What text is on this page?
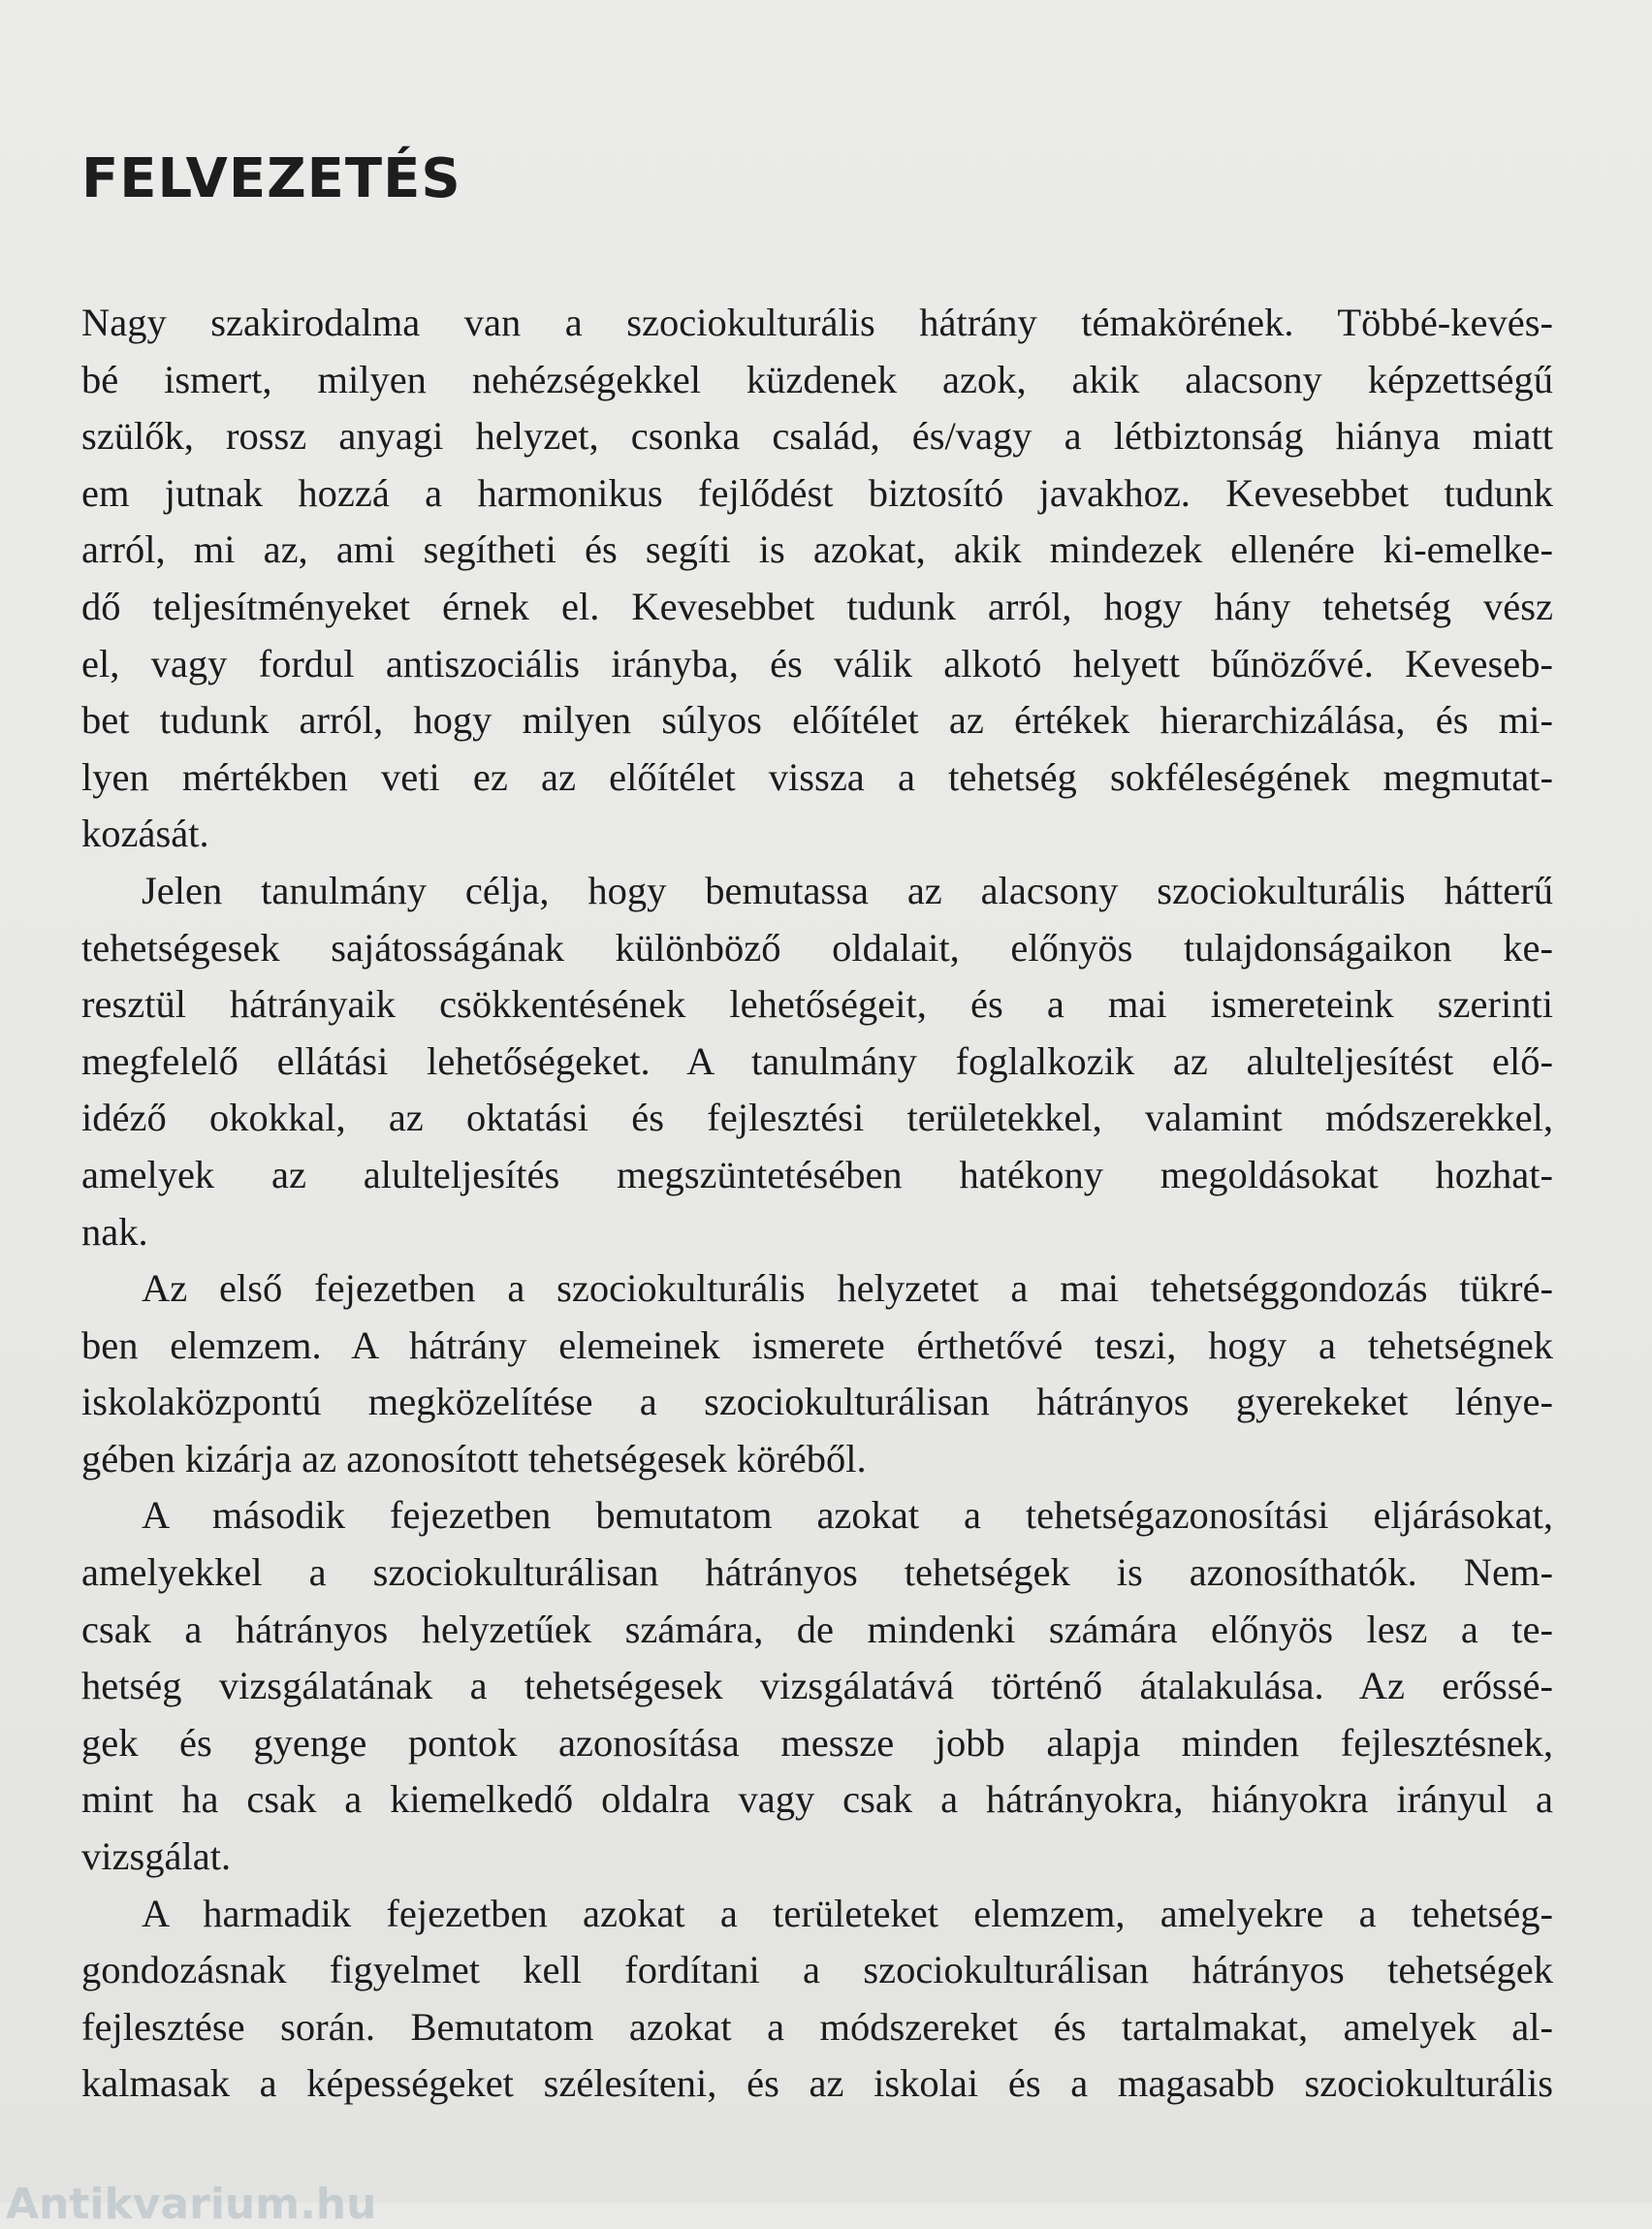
FELVEZETÉS
Nagy szakirodalma van a szociokulturális hátrány témakörének. Többé-kevés-
bé ismert, milyen nehézségekkel küzdenek azok, akik alacsony képzettségű
szülők, rossz anyagi helyzet, csonka család, és/vagy a létbiztonság hiánya miatt
em jutnak hozzá a harmonikus fejlődést biztosító javakhoz. Kevesebbet tudunk
arról, mi az, ami segítheti és segíti is azokat, akik mindezek ellenére ki-emelke-
dő teljesítményeket érnek el. Kevesebbet tudunk arról, hogy hány tehetség vész
el, vagy fordul antiszociális irányba, és válik alkotó helyett bűnözővé. Keveseb-
bet tudunk arról, hogy milyen súlyos előítélet az értékek hierarchizálása, és mi-
lyen mértékben veti ez az előítélet vissza a tehetség sokféleségének megmutat-
kozását.
Jelen tanulmány célja, hogy bemutassa az alacsony szociokulturális hátterű
tehetségesek sajátosságának különböző oldalait, előnyös tulajdonságaikon ke-
resztül hátrányaik csökkentésének lehetőségeit, és a mai ismereteink szerinti
megfelelő ellátási lehetőségeket. A tanulmány foglalkozik az alulteljesítést elő-
idéző okokkal, az oktatási és fejlesztési területekkel, valamint módszerekkel,
amelyek az alulteljesítés megszüntetésében hatékony megoldásokat hozhat-
nak.
Az első fejezetben a szociokulturális helyzetet a mai tehetséggondozás tükré-
ben elemzem. A hátrány elemeinek ismerete érthetővé teszi, hogy a tehetségnek
iskolaközpontú megközelítése a szociokulturálisan hátrányos gyerekeket lénye-
gében kizárja az azonosított tehetségesek köréből.
A második fejezetben bemutatom azokat a tehetségazonosítási eljárásokat,
amelyekkel a szociokulturálisan hátrányos tehetségek is azonosíthatók. Nem-
csak a hátrányos helyzetűek számára, de mindenki számára előnyös lesz a te-
hetség vizsgálatának a tehetségesek vizsgálatává történő átalakulása. Az erőssé-
gek és gyenge pontok azonosítása messze jobb alapja minden fejlesztésnek,
mint ha csak a kiemelkedő oldalra vagy csak a hátrányokra, hiányokra irányul a
vizsgálat.
A harmadik fejezetben azokat a területeket elemzem, amelyekre a tehetség-
gondozásnak figyelmet kell fordítani a szociokulturálisan hátrányos tehetségek
fejlesztése során. Bemutatom azokat a módszereket és tartalmakat, amelyek al-
kalmasak a képességeket szélesíteni, és az iskolai és a magasabb szociokulturális
Antikvarium.hu
